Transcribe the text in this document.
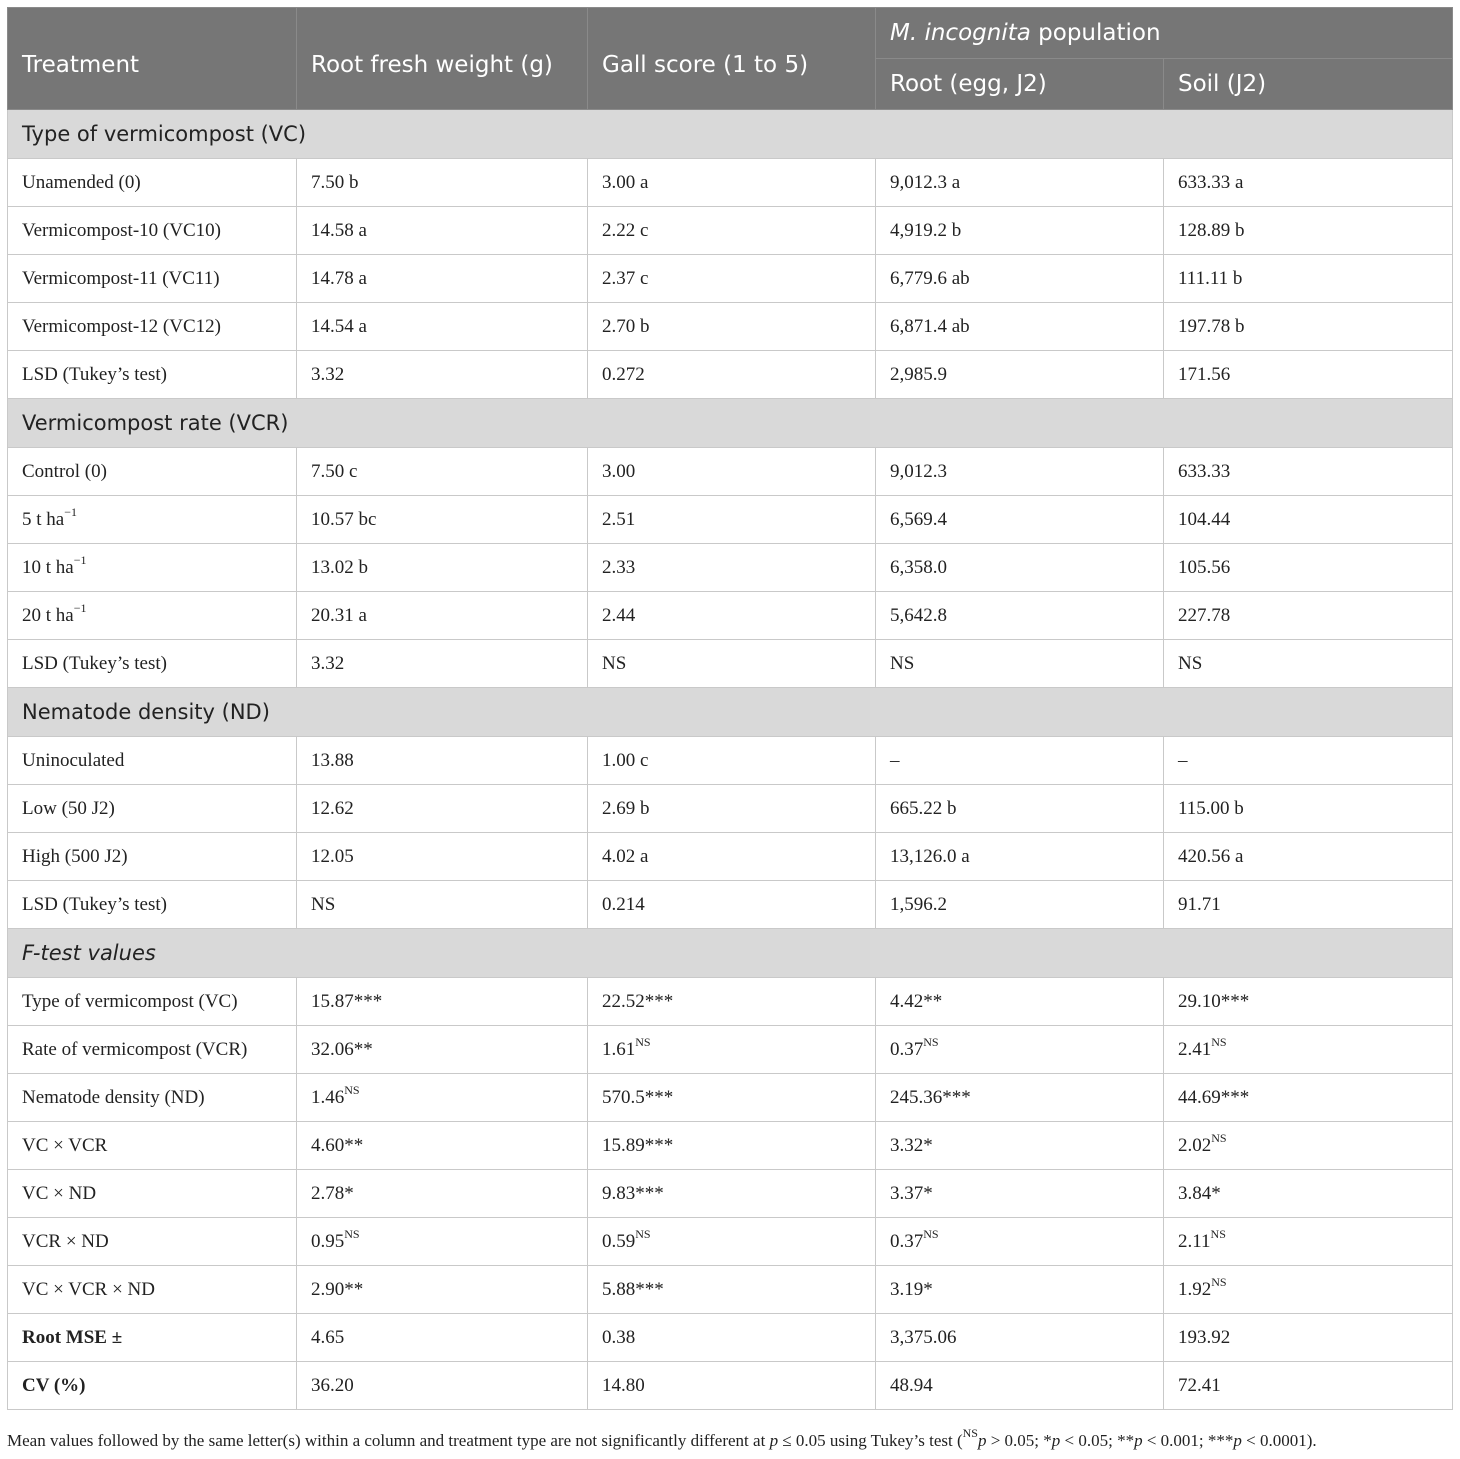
Treatment	Root fresh weight (g)	Gall score (1 to 5)	M. incognita population	
			Root (egg, J2)	Soil (J2)
Type of vermicompost (VC)				
Unamended (0)	7.50 b	3.00 a	9,012.3 a	633.33 a
Vermicompost-10 (VC10)	14.58 a	2.22 c	4,919.2 b	128.89 b
Vermicompost-11 (VC11)	14.78 a	2.37 c	6,779.6 ab	111.11 b
Vermicompost-12 (VC12)	14.54 a	2.70 b	6,871.4 ab	197.78 b
LSD (Tukey’s test)	3.32	0.272	2,985.9	171.56
Vermicompost rate (VCR)				
Control (0)	7.50 c	3.00	9,012.3	633.33
5 t $ha^{-1}$	10.57 bc	2.51	6,569.4	104.44
10 t $ha^{-1}$	13.02 b	2.33	6,358.0	105.56
20 t $ha^{-1}$	20.31 a	2.44	5,642.8	227.78
LSD (Tukey’s test)	3.32	NS	NS	NS
Nematode density (ND)				
Uninoculated	13.88	1.00 c	–	–
Low (50 J2)	12.62	2.69 b	665.22 b	115.00 b
High (500 J2)	12.05	4.02 a	13,126.0 a	420.56 a
LSD (Tukey’s test)	NS	0.214	1,596.2	91.71
F-test values				
Type of vermicompost (VC)	15.87***	22.52***	4.42**	29.10***
Rate of vermicompost (VCR)	32.06**	$1.61^{NS}$	$0.37^{NS}$	$2.41^{NS}$
Nematode density (ND)	$1.46^{NS}$	570.5***	245.36***	44.69***
VC × VCR	4.60**	15.89***	3.32*	$2.02^{NS}$
VC × ND	2.78*	9.83***	3.37*	3.84*
VCR × ND	$0.95^{NS}$	$0.59^{NS}$	$0.37^{NS}$	$2.11^{NS}$
VC × VCR × ND	2.90**	5.88***	3.19*	$1.92^{NS}$
Root MSE ±	4.65	0.38	3,375.06	193.92
CV (%)	36.20	14.80	48.94	72.41
Mean values followed by the same letter(s) within a column and treatment type are not significantly different at p ≤ 0.05 using Tukey’s test ($^{NS}$p > 0.05; *p < 0.05; **p < 0.001; ***p < 0.0001).
